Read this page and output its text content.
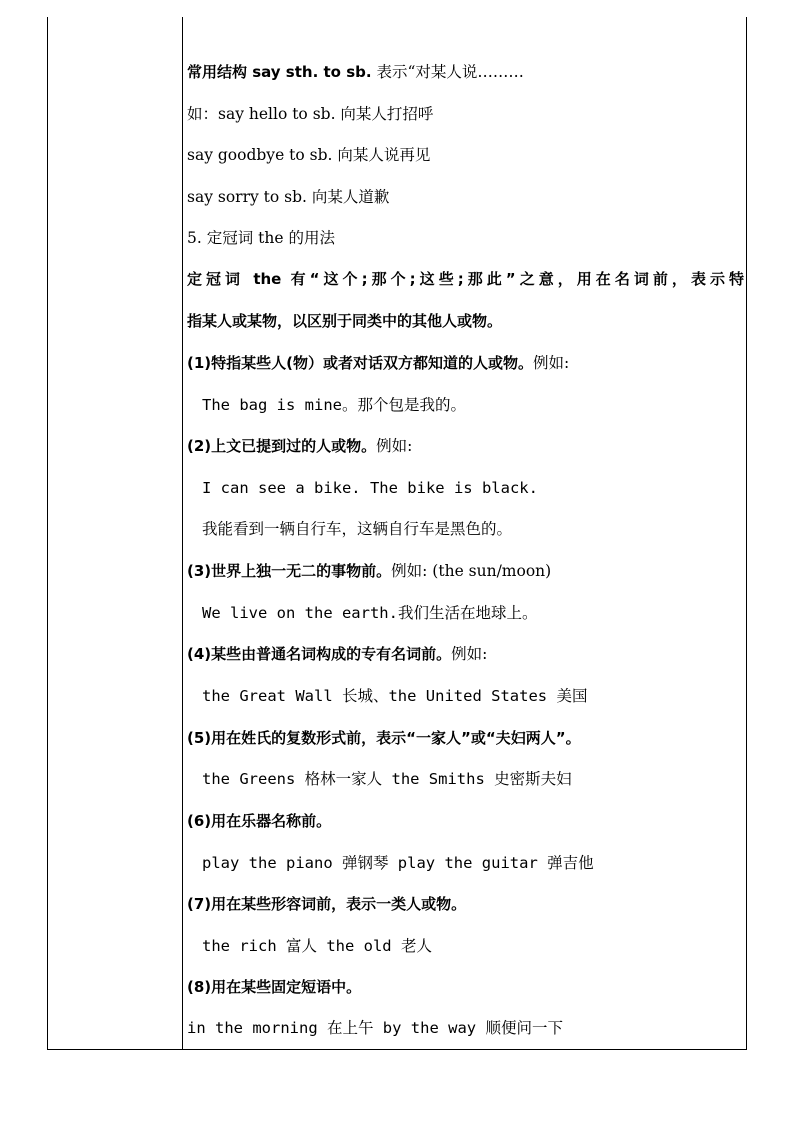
常用结构 say sth. to sb. 表示“对某人说………
如：say hello to sb. 向某人打招呼
say goodbye to sb. 向某人说再见
say sorry to sb. 向某人道歉
5. 定冠词 the 的用法
定冠词 the 有“这个;那个;这些;那此”之意，用在名词前，表示特
指某人或某物，以区别于同类中的其他人或物。
(1)特指某些人(物）或者对话双方都知道的人或物。例如:
The bag is mine。那个包是我的。
(2)上文已提到过的人或物。例如:
I can see a bike. The bike is black.
我能看到一辆自行车，这辆自行车是黑色的。
(3)世界上独一无二的事物前。例如: (the sun/moon)
We live on the earth.我们生活在地球上。
(4)某些由普通名词构成的专有名词前。例如:
the Great Wall 长城、the United States 美国
(5)用在姓氏的复数形式前，表示“一家人”或“夫妇两人”。
the Greens 格林一家人 the Smiths 史密斯夫妇
(6)用在乐器名称前。
play the piano 弹钢琴 play the guitar 弹吉他
(7)用在某些形容词前，表示一类人或物。
the rich 富人 the old 老人
(8)用在某些固定短语中。
in the morning 在上午 by the way 顺便问一下
